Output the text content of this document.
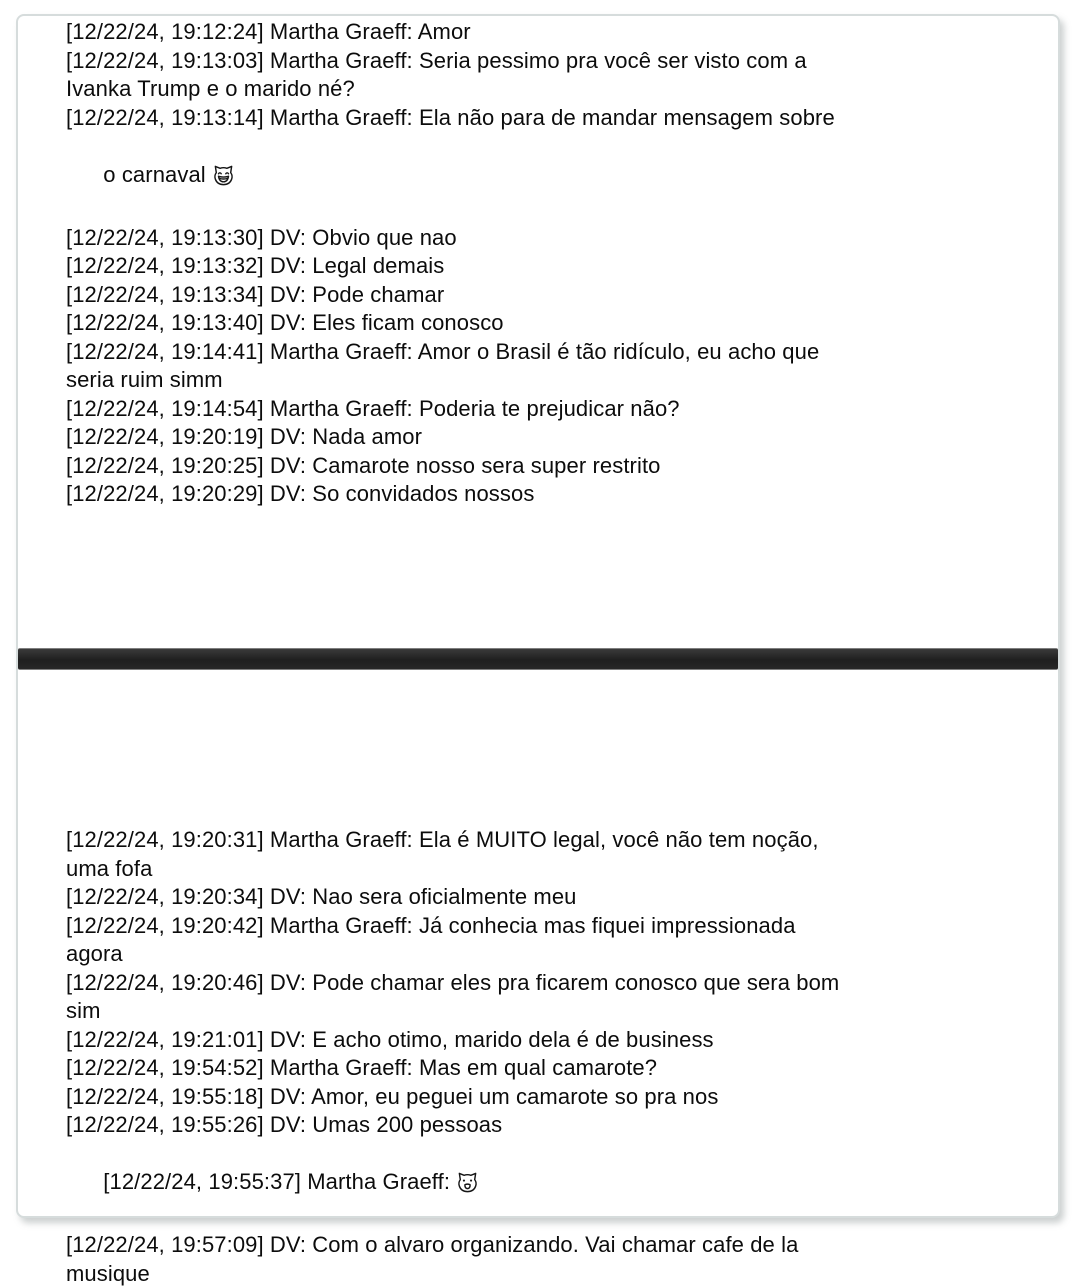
[12/22/24, 19:12:24] Martha Graeff: Amor
[12/22/24, 19:13:03] Martha Graeff: Seria pessimo pra você ser visto com a
Ivanka Trump e o marido né?
[12/22/24, 19:13:14] Martha Graeff: Ela não para de mandar mensagem sobre

o carnaval

[12/22/24, 19:13:30] DV: Obvio que nao
[12/22/24, 19:13:32] DV: Legal demais
[12/22/24, 19:13:34] DV: Pode chamar
[12/22/24, 19:13:40] DV: Eles ficam conosco
[12/22/24, 19:14:41] Martha Graeff: Amor o Brasil é tão ridículo, eu acho que
seria ruim simm
[12/22/24, 19:14:54] Martha Graeff: Poderia te prejudicar não?
[12/22/24, 19:20:19] DV: Nada amor
[12/22/24, 19:20:25] DV: Camarote nosso sera super restrito
[12/22/24, 19:20:29] DV: So convidados nossos
[12/22/24, 19:20:31] Martha Graeff: Ela é MUITO legal, você não tem noção,
uma fofa
[12/22/24, 19:20:34] DV: Nao sera oficialmente meu
[12/22/24, 19:20:42] Martha Graeff: Já conhecia mas fiquei impressionada
agora
[12/22/24, 19:20:46] DV: Pode chamar eles pra ficarem conosco que sera bom
sim
[12/22/24, 19:21:01] DV: E acho otimo, marido dela é de business
[12/22/24, 19:54:52] Martha Graeff: Mas em qual camarote?
[12/22/24, 19:55:18] DV: Amor, eu peguei um camarote so pra nos
[12/22/24, 19:55:26] DV: Umas 200 pessoas

[12/22/24, 19:55:37] Martha Graeff:

[12/22/24, 19:57:09] DV: Com o alvaro organizando. Vai chamar cafe de la
musique
